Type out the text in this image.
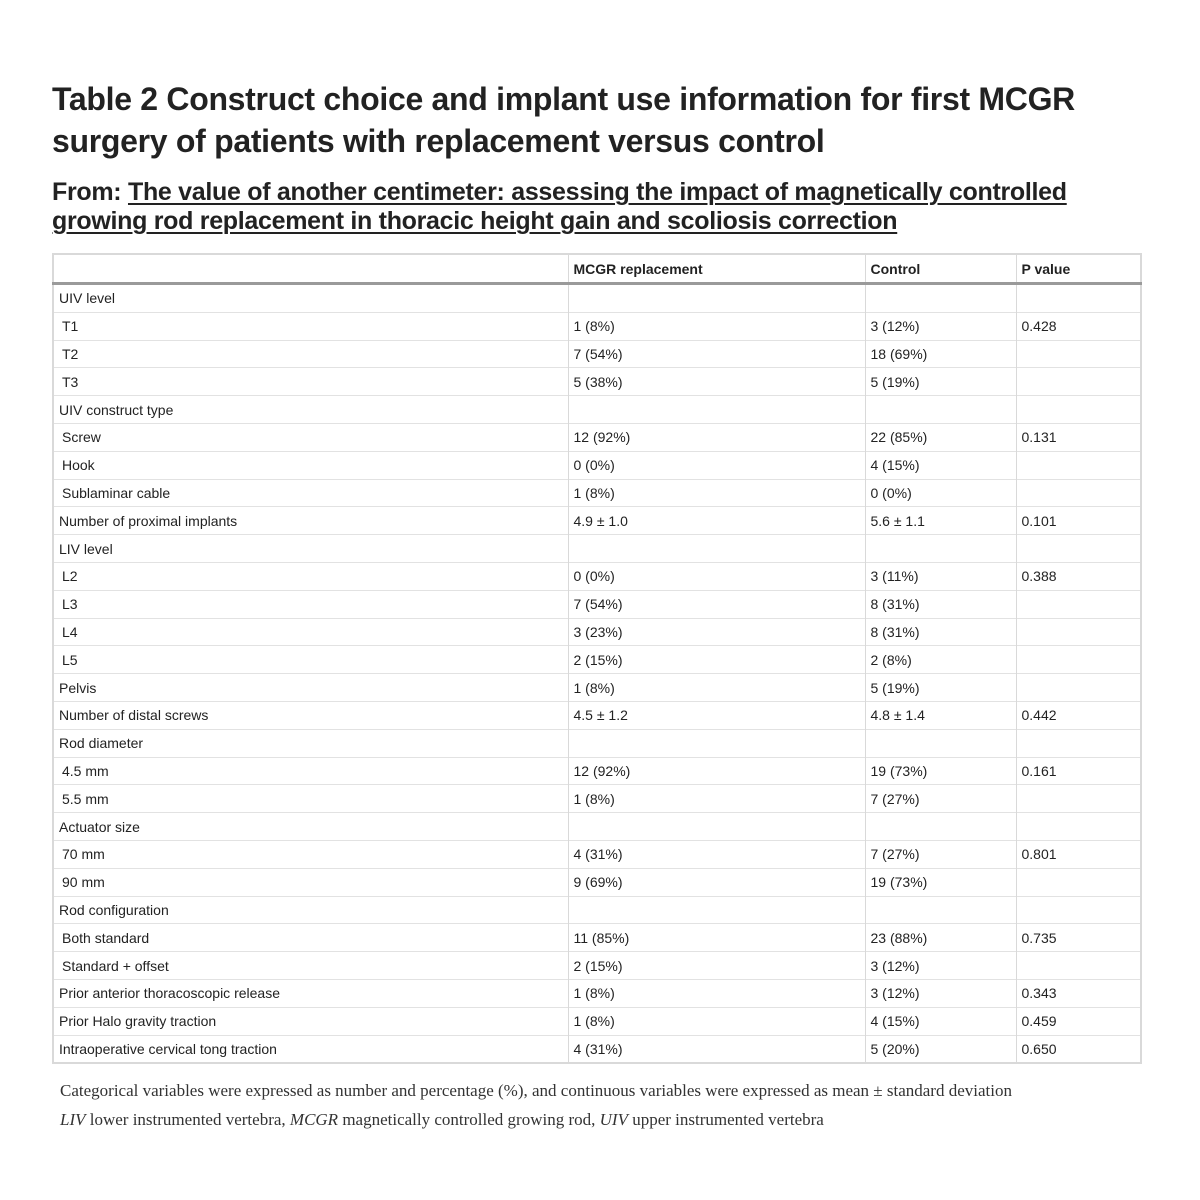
Table 2 Construct choice and implant use information for first MCGR surgery of patients with replacement versus control
From: The value of another centimeter: assessing the impact of magnetically controlled growing rod replacement in thoracic height gain and scoliosis correction
	MCGR replacement	Control	P value
UIV level			
T1	1 (8%)	3 (12%)	0.428
T2	7 (54%)	18 (69%)	
T3	5 (38%)	5 (19%)	
UIV construct type			
Screw	12 (92%)	22 (85%)	0.131
Hook	0 (0%)	4 (15%)	
Sublaminar cable	1 (8%)	0 (0%)	
Number of proximal implants	4.9 ± 1.0	5.6 ± 1.1	0.101
LIV level			
L2	0 (0%)	3 (11%)	0.388
L3	7 (54%)	8 (31%)	
L4	3 (23%)	8 (31%)	
L5	2 (15%)	2 (8%)	
Pelvis	1 (8%)	5 (19%)	
Number of distal screws	4.5 ± 1.2	4.8 ± 1.4	0.442
Rod diameter			
4.5 mm	12 (92%)	19 (73%)	0.161
5.5 mm	1 (8%)	7 (27%)	
Actuator size			
70 mm	4 (31%)	7 (27%)	0.801
90 mm	9 (69%)	19 (73%)	
Rod configuration			
Both standard	11 (85%)	23 (88%)	0.735
Standard + offset	2 (15%)	3 (12%)	
Prior anterior thoracoscopic release	1 (8%)	3 (12%)	0.343
Prior Halo gravity traction	1 (8%)	4 (15%)	0.459
Intraoperative cervical tong traction	4 (31%)	5 (20%)	0.650
Categorical variables were expressed as number and percentage (%), and continuous variables were expressed as mean ± standard deviation
LIV lower instrumented vertebra, MCGR magnetically controlled growing rod, UIV upper instrumented vertebra
